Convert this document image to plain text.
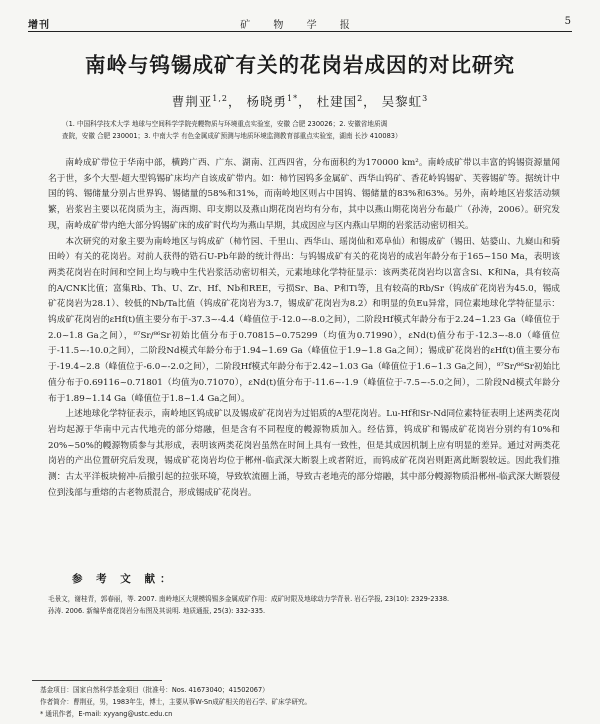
增刊	矿 物 学 报	5
南岭与钨锡成矿有关的花岗岩成因的对比研究
曹荆亚$^{1,2}$， 杨晓勇$^{1*}$， 杜建国$^2$， 吴黎虹$^3$
（1. 中国科学技术大学 地球与空间科学学院壳幔物质与环境重点实验室，安徽 合肥 230026；2. 安徽省地质调
查院，安徽 合肥 230001；3. 中南大学 有色金属成矿预测与地质环境监测教育部重点实验室，湖南 长沙 410083）

南岭成矿带位于华南中部，横跨广西、广东、湖南、江西四省，分布面积约为170000 km²。南岭成矿带以丰富的钨锡资源量闻名于世，多个大型-超大型钨锡矿床均产自该成矿带内。如：柿竹园钨多金属矿、西华山钨矿、香花岭钨锡矿、芙蓉锡矿等。据统计中国的钨、锡储量分别占世界钨、锡储量的58%和31%，而南岭地区则占中国钨、锡储量的83%和63%。另外，南岭地区岩浆活动频繁，岩浆岩主要以花岗质为主，海西期、印支期以及燕山期花岗岩均有分布，其中以燕山期花岗岩分布最广（孙涛，2006）。研究发现，南岭成矿带内绝大部分钨锡矿床的成矿时代均为燕山早期，其成因应与区内燕山早期的岩浆活动密切相关。

本次研究的对象主要为南岭地区与钨成矿（柿竹园、千里山、西华山、瑶岗仙和邓阜仙）和锡成矿（锡田、姑婆山、九嶷山和骑田岭）有关的花岗岩。对前人获得的锆石U-Pb年龄的统计得出：与钨锡成矿有关的花岗岩的成岩年龄分布于165~150 Ma，表明该两类花岗岩在时间和空间上均与晚中生代岩浆活动密切相关，元素地球化学特征显示：该两类花岗岩均以富含Si、K和Na，具有较高的A/CNK比值；富集Rb、Th、U、Zr、Hf、Nb和REE，亏损Sr、Ba、P和Ti等，且有较高的Rb/Sr（钨成矿花岗岩为45.0，锡成矿花岗岩为28.1）、较低的Nb/Ta比值（钨成矿花岗岩为3.7，锡成矿花岗岩为8.2）和明显的负Eu异常，同位素地球化学特征显示：钨成矿花岗岩的εHf(t)值主要分布于-37.3~-4.4（峰值位于-12.0~-8.0之间），二阶段Hf模式年龄分布于2.24~1.23 Ga（峰值位于2.0~1.8 Ga之间），⁸⁷Sr/⁸⁶Sr初始比值分布于0.70815~0.75299（均值为0.71990），εNd(t)值分布于-12.3~-8.0（峰值位于-11.5~-10.0之间），二阶段Nd模式年龄分布于1.94~1.69 Ga（峰值位于1.9~1.8 Ga之间）；锡成矿花岗岩的εHf(t)值主要分布于-19.4~2.8（峰值位于-6.0~-2.0之间），二阶段Hf模式年龄分布于2.42~1.03 Ga（峰值位于1.6~1.3 Ga之间），⁸⁷Sr/⁸⁶Sr初始比值分布于0.69116~0.71801（均值为0.71070），εNd(t)值分布于-11.6~-1.9（峰值位于-7.5~-5.0之间），二阶段Nd模式年龄分布于1.89~1.14 Ga（峰值位于1.8~1.4 Ga之间）。

上述地球化学特征表示，南岭地区钨成矿以及锡成矿花岗岩为过铝质的A型花岗岩。Lu-Hf和Sr-Nd同位素特征表明上述两类花岗岩均起源于华南中元古代地壳的部分熔融，但是含有不同程度的幔源物质加入。经估算，钨成矿和锡成矿花岗岩分别约有10%和20%~50%的幔源物质参与其形成，表明该两类花岗岩虽然在时间上具有一致性，但是其成因机制上应有明显的差异。通过对两类花岗岩的产出位置研究后发现，锡成矿花岗岩均位于郴州-临武深大断裂上或者附近，而钨成矿花岗岩则距离此断裂较远。因此我们推测：古太平洋板块俯冲-后撤引起的拉张环境，导致软流圈上涌，导致古老地壳的部分熔融，其中部分幔源物质沿郴州-临武深大断裂侵位到浅部与重熔的古老物质混合，形成锡成矿花岗岩。

参 考 文 献：
毛景文，谢桂青，郭春丽，等. 2007. 南岭地区大规模钨锡多金属成矿作用：成矿时限及地球动力学背景. 岩石学报, 23(10): 2329-2338.
孙涛. 2006. 新编华南花岗岩分布图及其说明. 地质通报, 25(3): 332-335.
基金项目：国家自然科学基金项目（批准号：Nos. 41673040；41502067）
作者简介：曹荆亚，男，1983年生，博士，主要从事W-Sn成矿相关的岩石学、矿床学研究。
* 通讯作者，E-mail: xyyang@ustc.edu.cn
